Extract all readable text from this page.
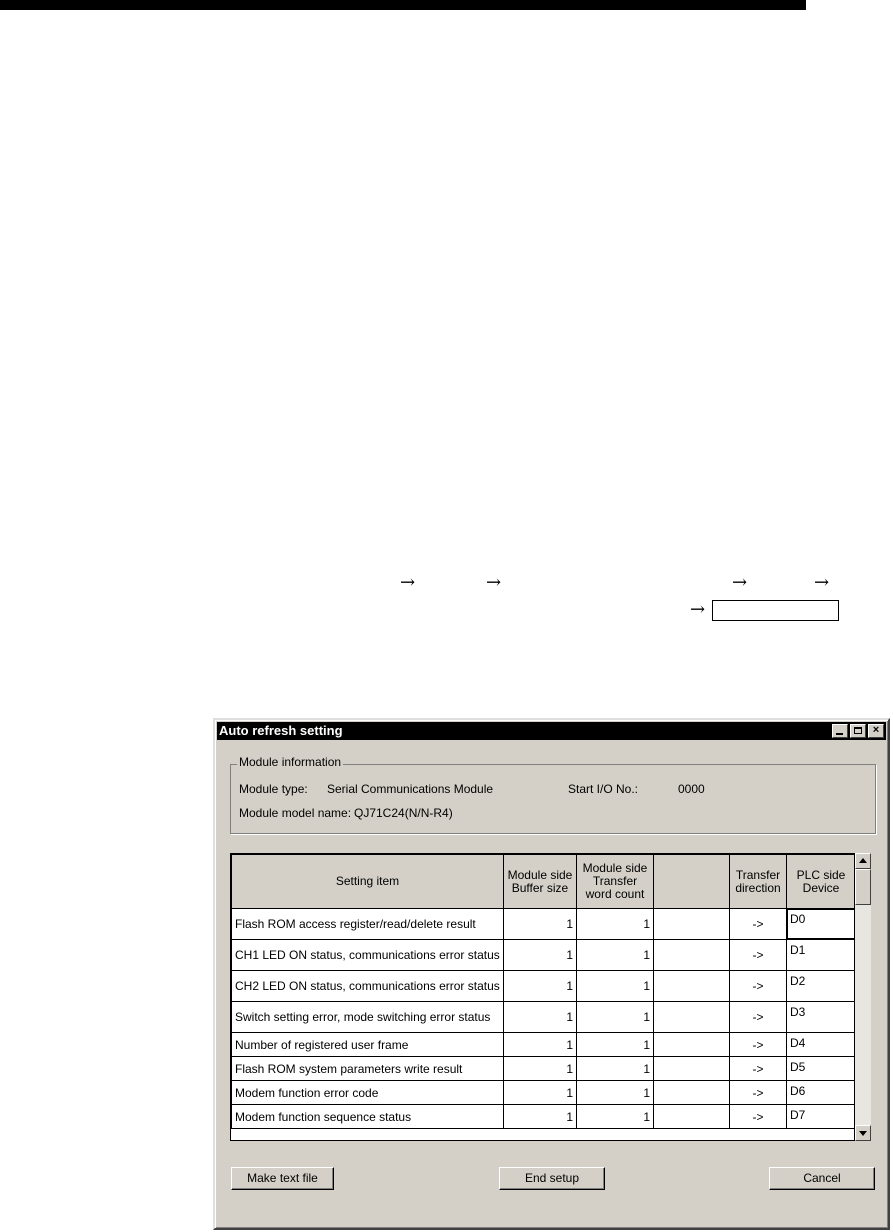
→	→	→	→
→
Auto refresh setting	×
Module information
Module type: Serial Communications Module	Start I/O No.:	0000
Module model name: QJ71C24(N/N-R4)
Setting item	Module side Buffer size	Module side Transfer word count		Transfer direction	PLC side Device
Flash ROM access register/read/delete result	1	1		->	D0
CH1 LED ON status, communications error status	1	1		->	D1
CH2 LED ON status, communications error status	1	1		->	D2
Switch setting error, mode switching error status	1	1		->	D3
Number of registered user frame	1	1		->	D4
Flash ROM system parameters write result	1	1		->	D5
Modem function error code	1	1		->	D6
Modem function sequence status	1	1		->	D7
Make text file	End setup	Cancel
